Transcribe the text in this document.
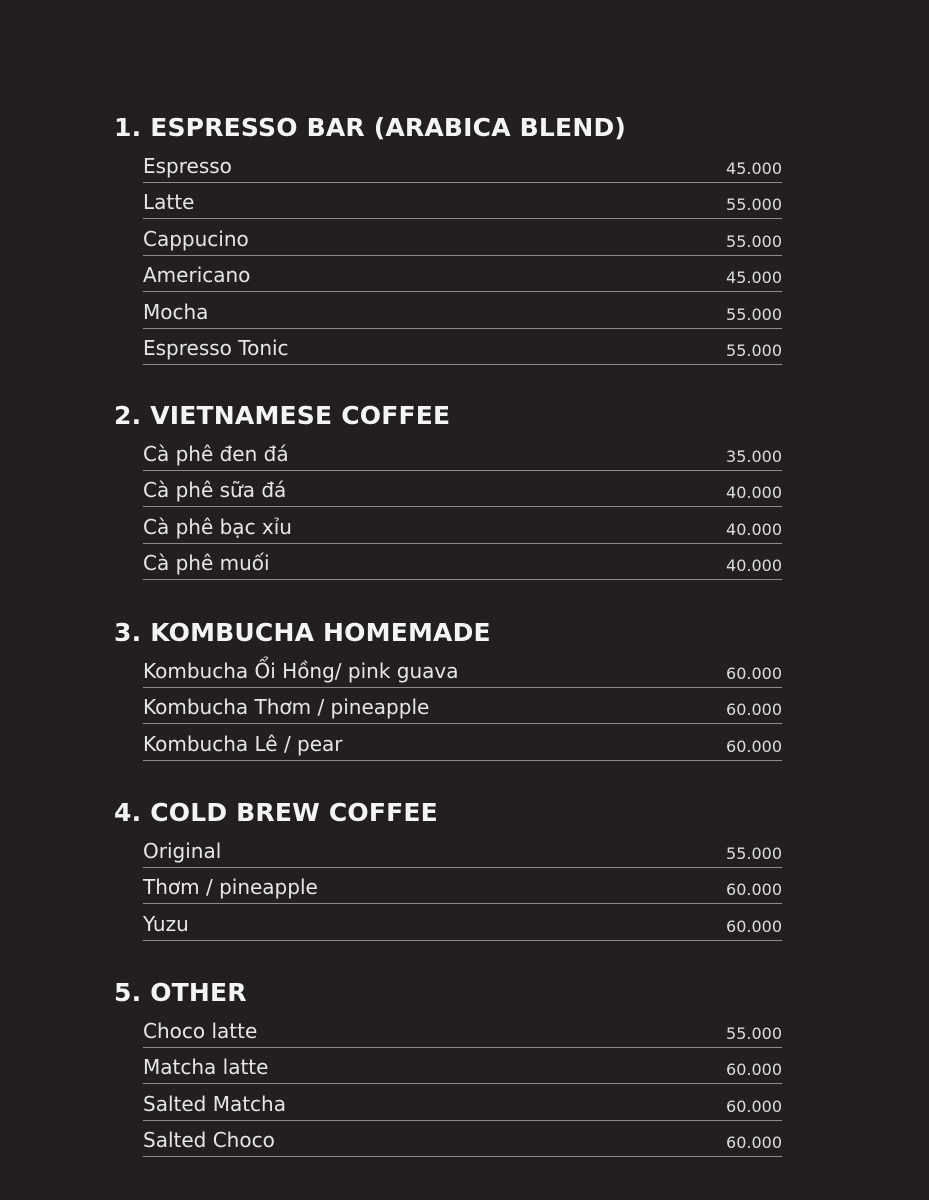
1. ESPRESSO BAR (ARABICA BLEND)
Espresso	45.000
Latte	55.000
Cappucino	55.000
Americano	45.000
Mocha	55.000
Espresso Tonic	55.000
2. VIETNAMESE COFFEE
Cà phê đen đá	35.000
Cà phê sữa đá	40.000
Cà phê bạc xỉu	40.000
Cà phê muối	40.000
3. KOMBUCHA HOMEMADE
Kombucha Ổi Hồng/ pink guava	60.000
Kombucha Thơm / pineapple	60.000
Kombucha Lê / pear	60.000
4. COLD BREW COFFEE
Original	55.000
Thơm / pineapple	60.000
Yuzu	60.000
5. OTHER
Choco latte	55.000
Matcha latte	60.000
Salted Matcha	60.000
Salted Choco	60.000
